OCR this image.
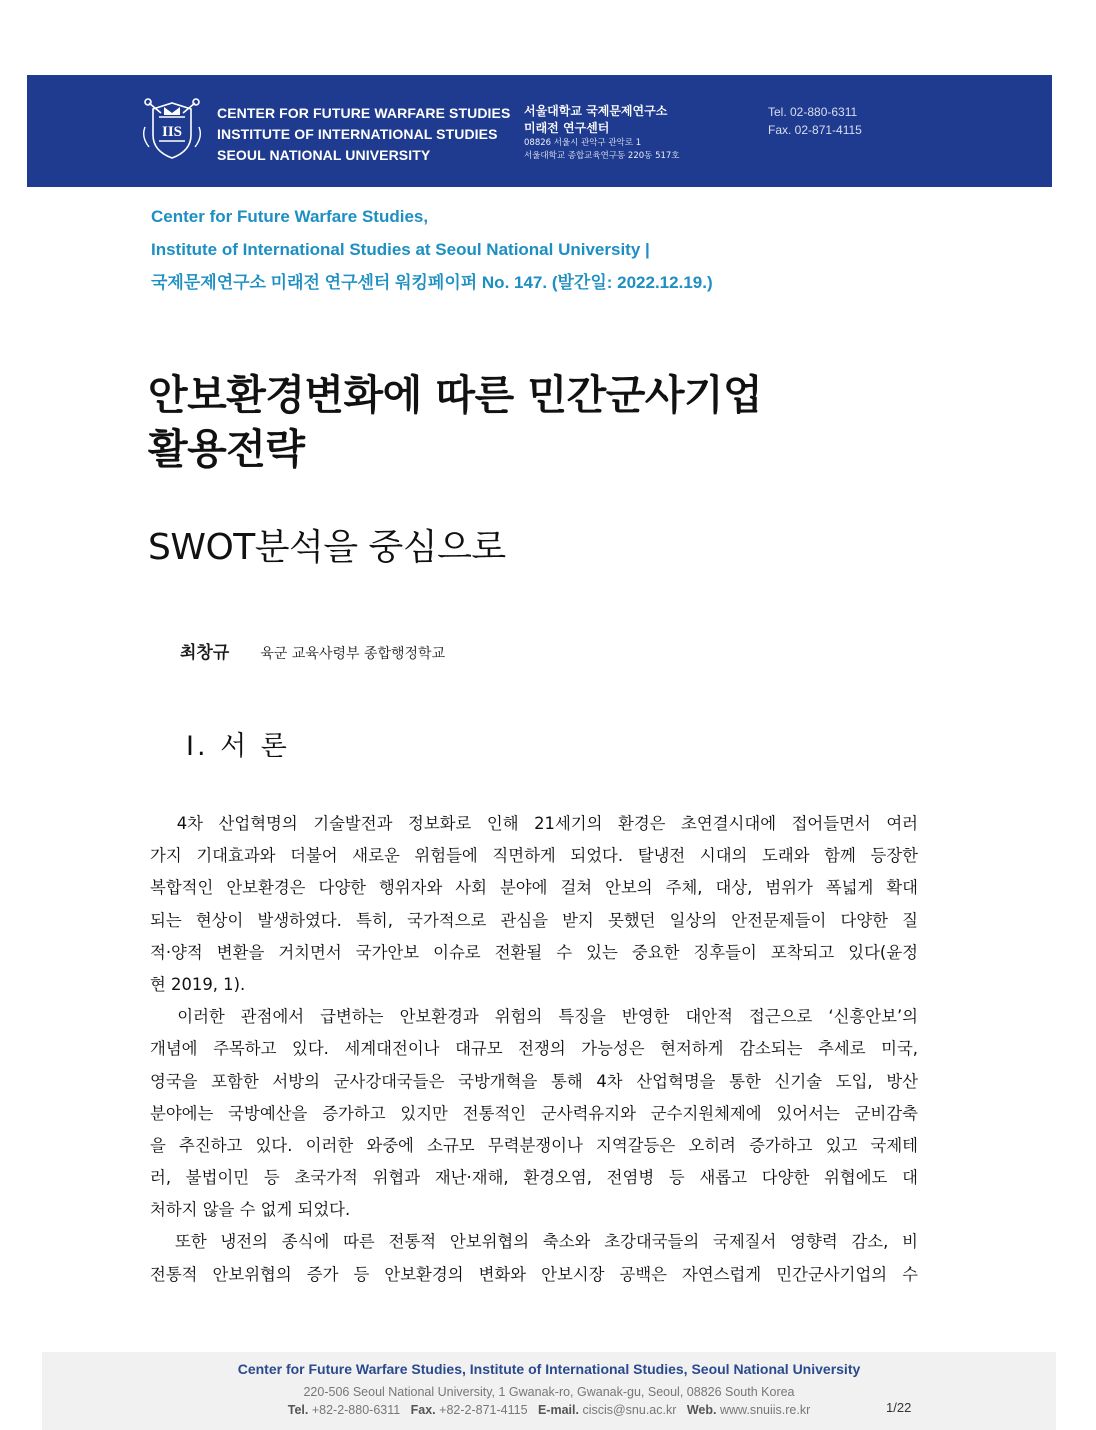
IIS
CENTER FOR FUTURE WARFARE STUDIES
INSTITUTE OF INTERNATIONAL STUDIES
SEOUL NATIONAL UNIVERSITY
서울대학교 국제문제연구소
미래전 연구센터
08826 서울시 관악구 관악로 1
서울대학교 종합교육연구동 220동 517호
Tel. 02-880-6311
Fax. 02-871-4115
Center for Future Warfare Studies,
Institute of International Studies at Seoul National University |
국제문제연구소 미래전 연구센터 워킹페이퍼 No. 147. (발간일: 2022.12.19.)
안보환경변화에 따른 민간군사기업
활용전략
SWOT분석을 중심으로
최창규 육군 교육사령부 종합행정학교
Ⅰ. 서 론
　4차 산업혁명의 기술발전과 정보화로 인해 21세기의 환경은 초연결시대에 접어들면서 여러
가지 기대효과와 더불어 새로운 위험들에 직면하게 되었다. 탈냉전 시대의 도래와 함께 등장한
복합적인 안보환경은 다양한 행위자와 사회 분야에 걸쳐 안보의 주체, 대상, 범위가 폭넓게 확대
되는 현상이 발생하였다. 특히, 국가적으로 관심을 받지 못했던 일상의 안전문제들이 다양한 질
적·양적 변환을 거치면서 국가안보 이슈로 전환될 수 있는 중요한 징후들이 포착되고 있다(윤정
현 2019, 1).
　이러한 관점에서 급변하는 안보환경과 위험의 특징을 반영한 대안적 접근으로 ‘신흥안보’의
개념에 주목하고 있다. 세계대전이나 대규모 전쟁의 가능성은 현저하게 감소되는 추세로 미국,
영국을 포함한 서방의 군사강대국들은 국방개혁을 통해 4차 산업혁명을 통한 신기술 도입, 방산
분야에는 국방예산을 증가하고 있지만 전통적인 군사력유지와 군수지원체제에 있어서는 군비감축
을 추진하고 있다. 이러한 와중에 소규모 무력분쟁이나 지역갈등은 오히려 증가하고 있고 국제테
러, 불법이민 등 초국가적 위협과 재난·재해, 환경오염, 전염병 등 새롭고 다양한 위협에도 대
처하지 않을 수 없게 되었다.
　또한 냉전의 종식에 따른 전통적 안보위협의 축소와 초강대국들의 국제질서 영향력 감소, 비
전통적 안보위협의 증가 등 안보환경의 변화와 안보시장 공백은 자연스럽게 민간군사기업의 수
Center for Future Warfare Studies, Institute of International Studies, Seoul National University
220-506 Seoul National University, 1 Gwanak-ro, Gwanak-gu, Seoul, 08826 South Korea
Tel. +82-2-880-6311 Fax. +82-2-871-4115 E-mail. ciscis@snu.ac.kr Web. www.snuiis.re.kr	1/22
